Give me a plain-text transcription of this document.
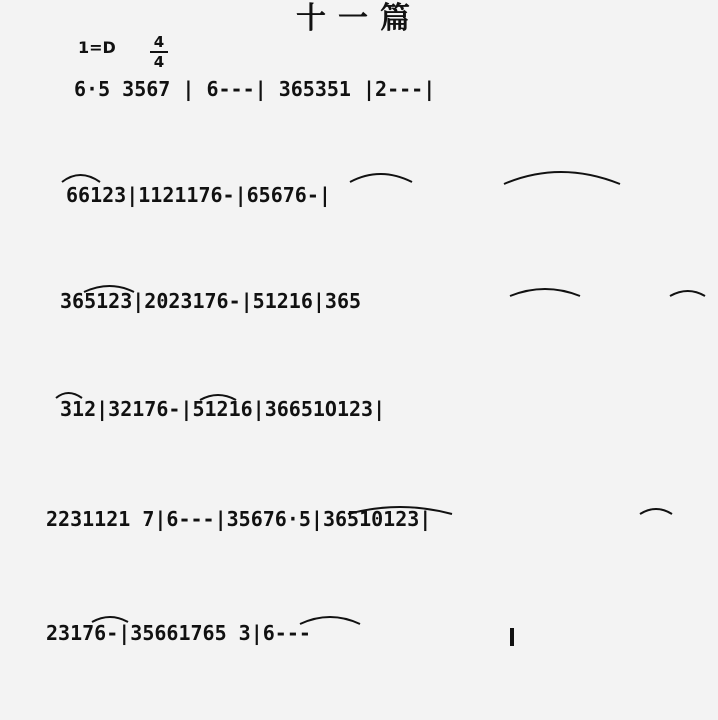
十一篇
1=D	4
4
6·5 3567 | 6---| 365351 |2---|

66123|1121176-|65676-|

365123|2023176-|51216|365

312|32176-|51216|36651O123|

2231121 7|6---|35676·5|36510123|

23176-|35661765 3|6---
